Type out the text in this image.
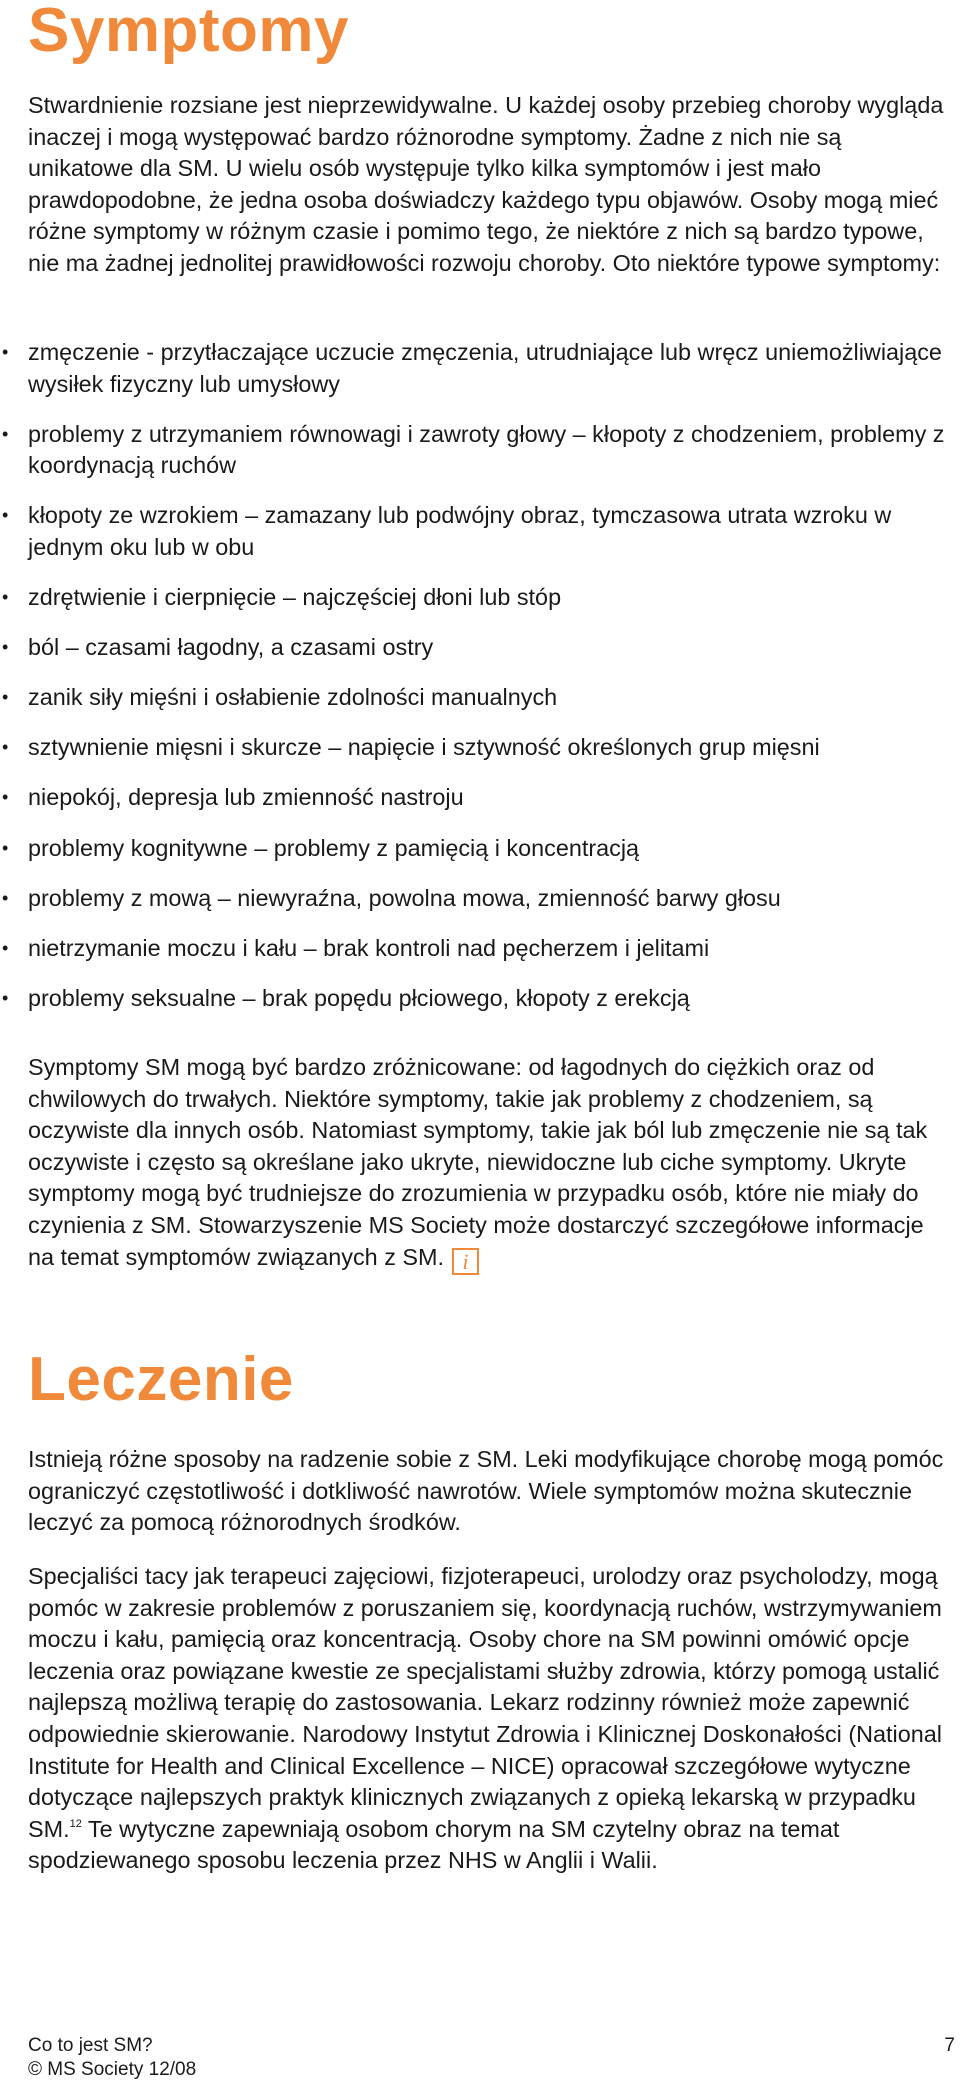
Symptomy

Stwardnienie rozsiane jest nieprzewidywalne. U każdej osoby przebieg choroby wygląda inaczej i mogą występować bardzo różnorodne symptomy. Żadne z nich nie są unikatowe dla SM. U wielu osób występuje tylko kilka symptomów i jest mało prawdopodobne, że jedna osoba doświadczy każdego typu objawów. Osoby mogą mieć różne symptomy w różnym czasie i pomimo tego, że niektóre z nich są bardzo typowe, nie ma żadnej jednolitej prawidłowości rozwoju choroby. Oto niektóre typowe symptomy:

• zmęczenie - przytłaczające uczucie zmęczenia, utrudniające lub wręcz uniemożliwiające wysiłek fizyczny lub umysłowy
• problemy z utrzymaniem równowagi i zawroty głowy – kłopoty z chodzeniem, problemy z koordynacją ruchów
• kłopoty ze wzrokiem – zamazany lub podwójny obraz, tymczasowa utrata wzroku w jednym oku lub w obu
• zdrętwienie i cierpnięcie – najczęściej dłoni lub stóp
• ból – czasami łagodny, a czasami ostry
• zanik siły mięśni i osłabienie zdolności manualnych
• sztywnienie mięsni i skurcze – napięcie i sztywność określonych grup mięsni
• niepokój, depresja lub zmienność nastroju
• problemy kognitywne – problemy z pamięcią i koncentracją
• problemy z mową – niewyraźna, powolna mowa, zmienność barwy głosu
• nietrzymanie moczu i kału – brak kontroli nad pęcherzem i jelitami
• problemy seksualne – brak popędu płciowego, kłopoty z erekcją

Symptomy SM mogą być bardzo zróżnicowane: od łagodnych do ciężkich oraz od chwilowych do trwałych. Niektóre symptomy, takie jak problemy z chodzeniem, są oczywiste dla innych osób. Natomiast symptomy, takie jak ból lub zmęczenie nie są tak oczywiste i często są określane jako ukryte, niewidoczne lub ciche symptomy. Ukryte symptomy mogą być trudniejsze do zrozumienia w przypadku osób, które nie miały do czynienia z SM. Stowarzyszenie MS Society może dostarczyć szczegółowe informacje na temat symptomów związanych z SM. i

Leczenie

Istnieją różne sposoby na radzenie sobie z SM. Leki modyfikujące chorobę mogą pomóc ograniczyć częstotliwość i dotkliwość nawrotów. Wiele symptomów można skutecznie leczyć za pomocą różnorodnych środków.

Specjaliści tacy jak terapeuci zajęciowi, fizjoterapeuci, urolodzy oraz psycholodzy, mogą pomóc w zakresie problemów z poruszaniem się, koordynacją ruchów, wstrzymywaniem moczu i kału, pamięcią oraz koncentracją. Osoby chore na SM powinni omówić opcje leczenia oraz powiązane kwestie ze specjalistami służby zdrowia, którzy pomogą ustalić najlepszą możliwą terapię do zastosowania. Lekarz rodzinny również może zapewnić odpowiednie skierowanie. Narodowy Instytut Zdrowia i Klinicznej Doskonałości (National Institute for Health and Clinical Excellence – NICE) opracował szczegółowe wytyczne dotyczące najlepszych praktyk klinicznych związanych z opieką lekarską w przypadku SM.$^{12}$ Te wytyczne zapewniają osobom chorym na SM czytelny obraz na temat spodziewanego sposobu leczenia przez NHS w Anglii i Walii.

Co to jest SM?
© MS Society 12/08
7
